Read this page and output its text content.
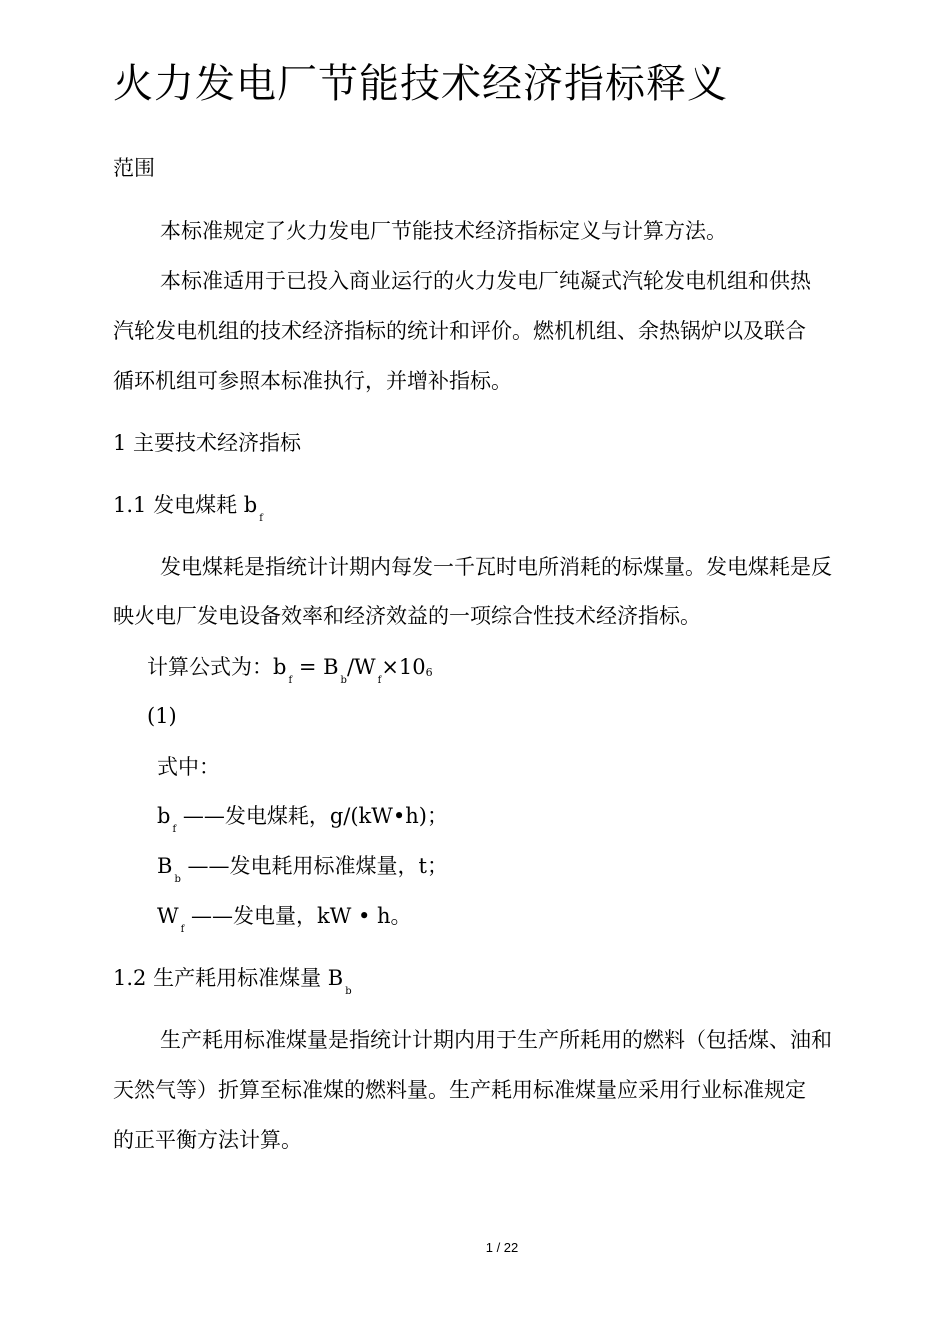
火力发电厂节能技术经济指标释义
范围
本标准规定了火力发电厂节能技术经济指标定义与计算方法。
本标准适用于已投入商业运行的火力发电厂纯凝式汽轮发电机组和供热
汽轮发电机组的技术经济指标的统计和评价。燃机机组、余热锅炉以及联合
循环机组可参照本标准执行，并增补指标。
1 主要技术经济指标
1.1 发电煤耗 bf
发电煤耗是指统计计期内每发一千瓦时电所消耗的标煤量。发电煤耗是反
映火电厂发电设备效率和经济效益的一项综合性技术经济指标。
计算公式为：bf = Bb/Wf×106
(1)
式中：
bf ——发电煤耗，g/(kW•h)；
Bb ——发电耗用标准煤量，t；
Wf ——发电量，kW • h。
1.2 生产耗用标准煤量 Bb
生产耗用标准煤量是指统计计期内用于生产所耗用的燃料（包括煤、油和
天然气等）折算至标准煤的燃料量。生产耗用标准煤量应采用行业标准规定
的正平衡方法计算。
1 / 22
